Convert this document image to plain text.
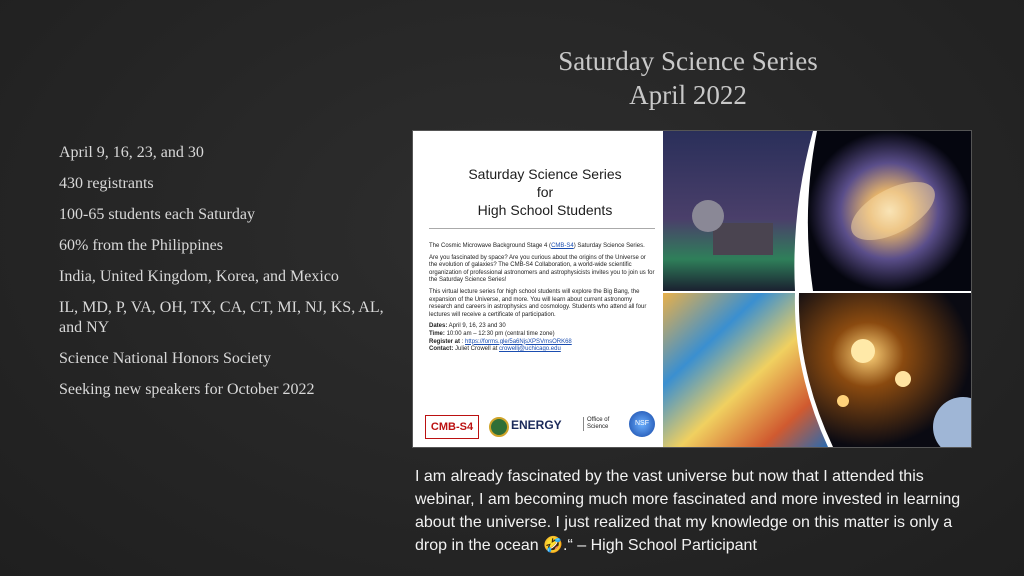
Saturday Science Series
April 2022
April 9, 16, 23, and 30
430 registrants
100-65 students each Saturday
60% from the Philippines
India, United Kingdom, Korea, and Mexico
IL, MD, P, VA, OH, TX, CA, CT, MI, NJ, KS, AL, and NY
Science National Honors Society
Seeking new speakers for October 2022
Saturday Science Series
for
High School Students

The Cosmic Microwave Background Stage 4 (CMB-S4) Saturday Science Series.

Are you fascinated by space? Are you curious about the origins of the Universe or the evolution of galaxies? The CMB-S4 Collaboration, a world-wide scientific organization of professional astronomers and astrophysicists invites you to join us for the Saturday Science Series!

This virtual lecture series for high school students will explore the Big Bang, the expansion of the Universe, and more. You will learn about current astronomy research and careers in astrophysics and cosmology. Students who attend all four lectures will receive a certificate of participation.

Dates: April 9, 16, 23 and 30

Time: 10:00 am – 12:30 pm (central time zone)

Register at : https://forms.gle/5a6NjsXPSVmsORK68

Contact: Juliet Crowell at crowellj@uchicago.edu

CMB-S4	ENERGY	Office of Science	NSF
I am already fascinated by the vast universe but now that I attended this webinar, I am becoming much more fascinated and more invested in learning about the universe. I just realized that my knowledge on this matter is only a drop in the ocean 🤣.“ – High School Participant
